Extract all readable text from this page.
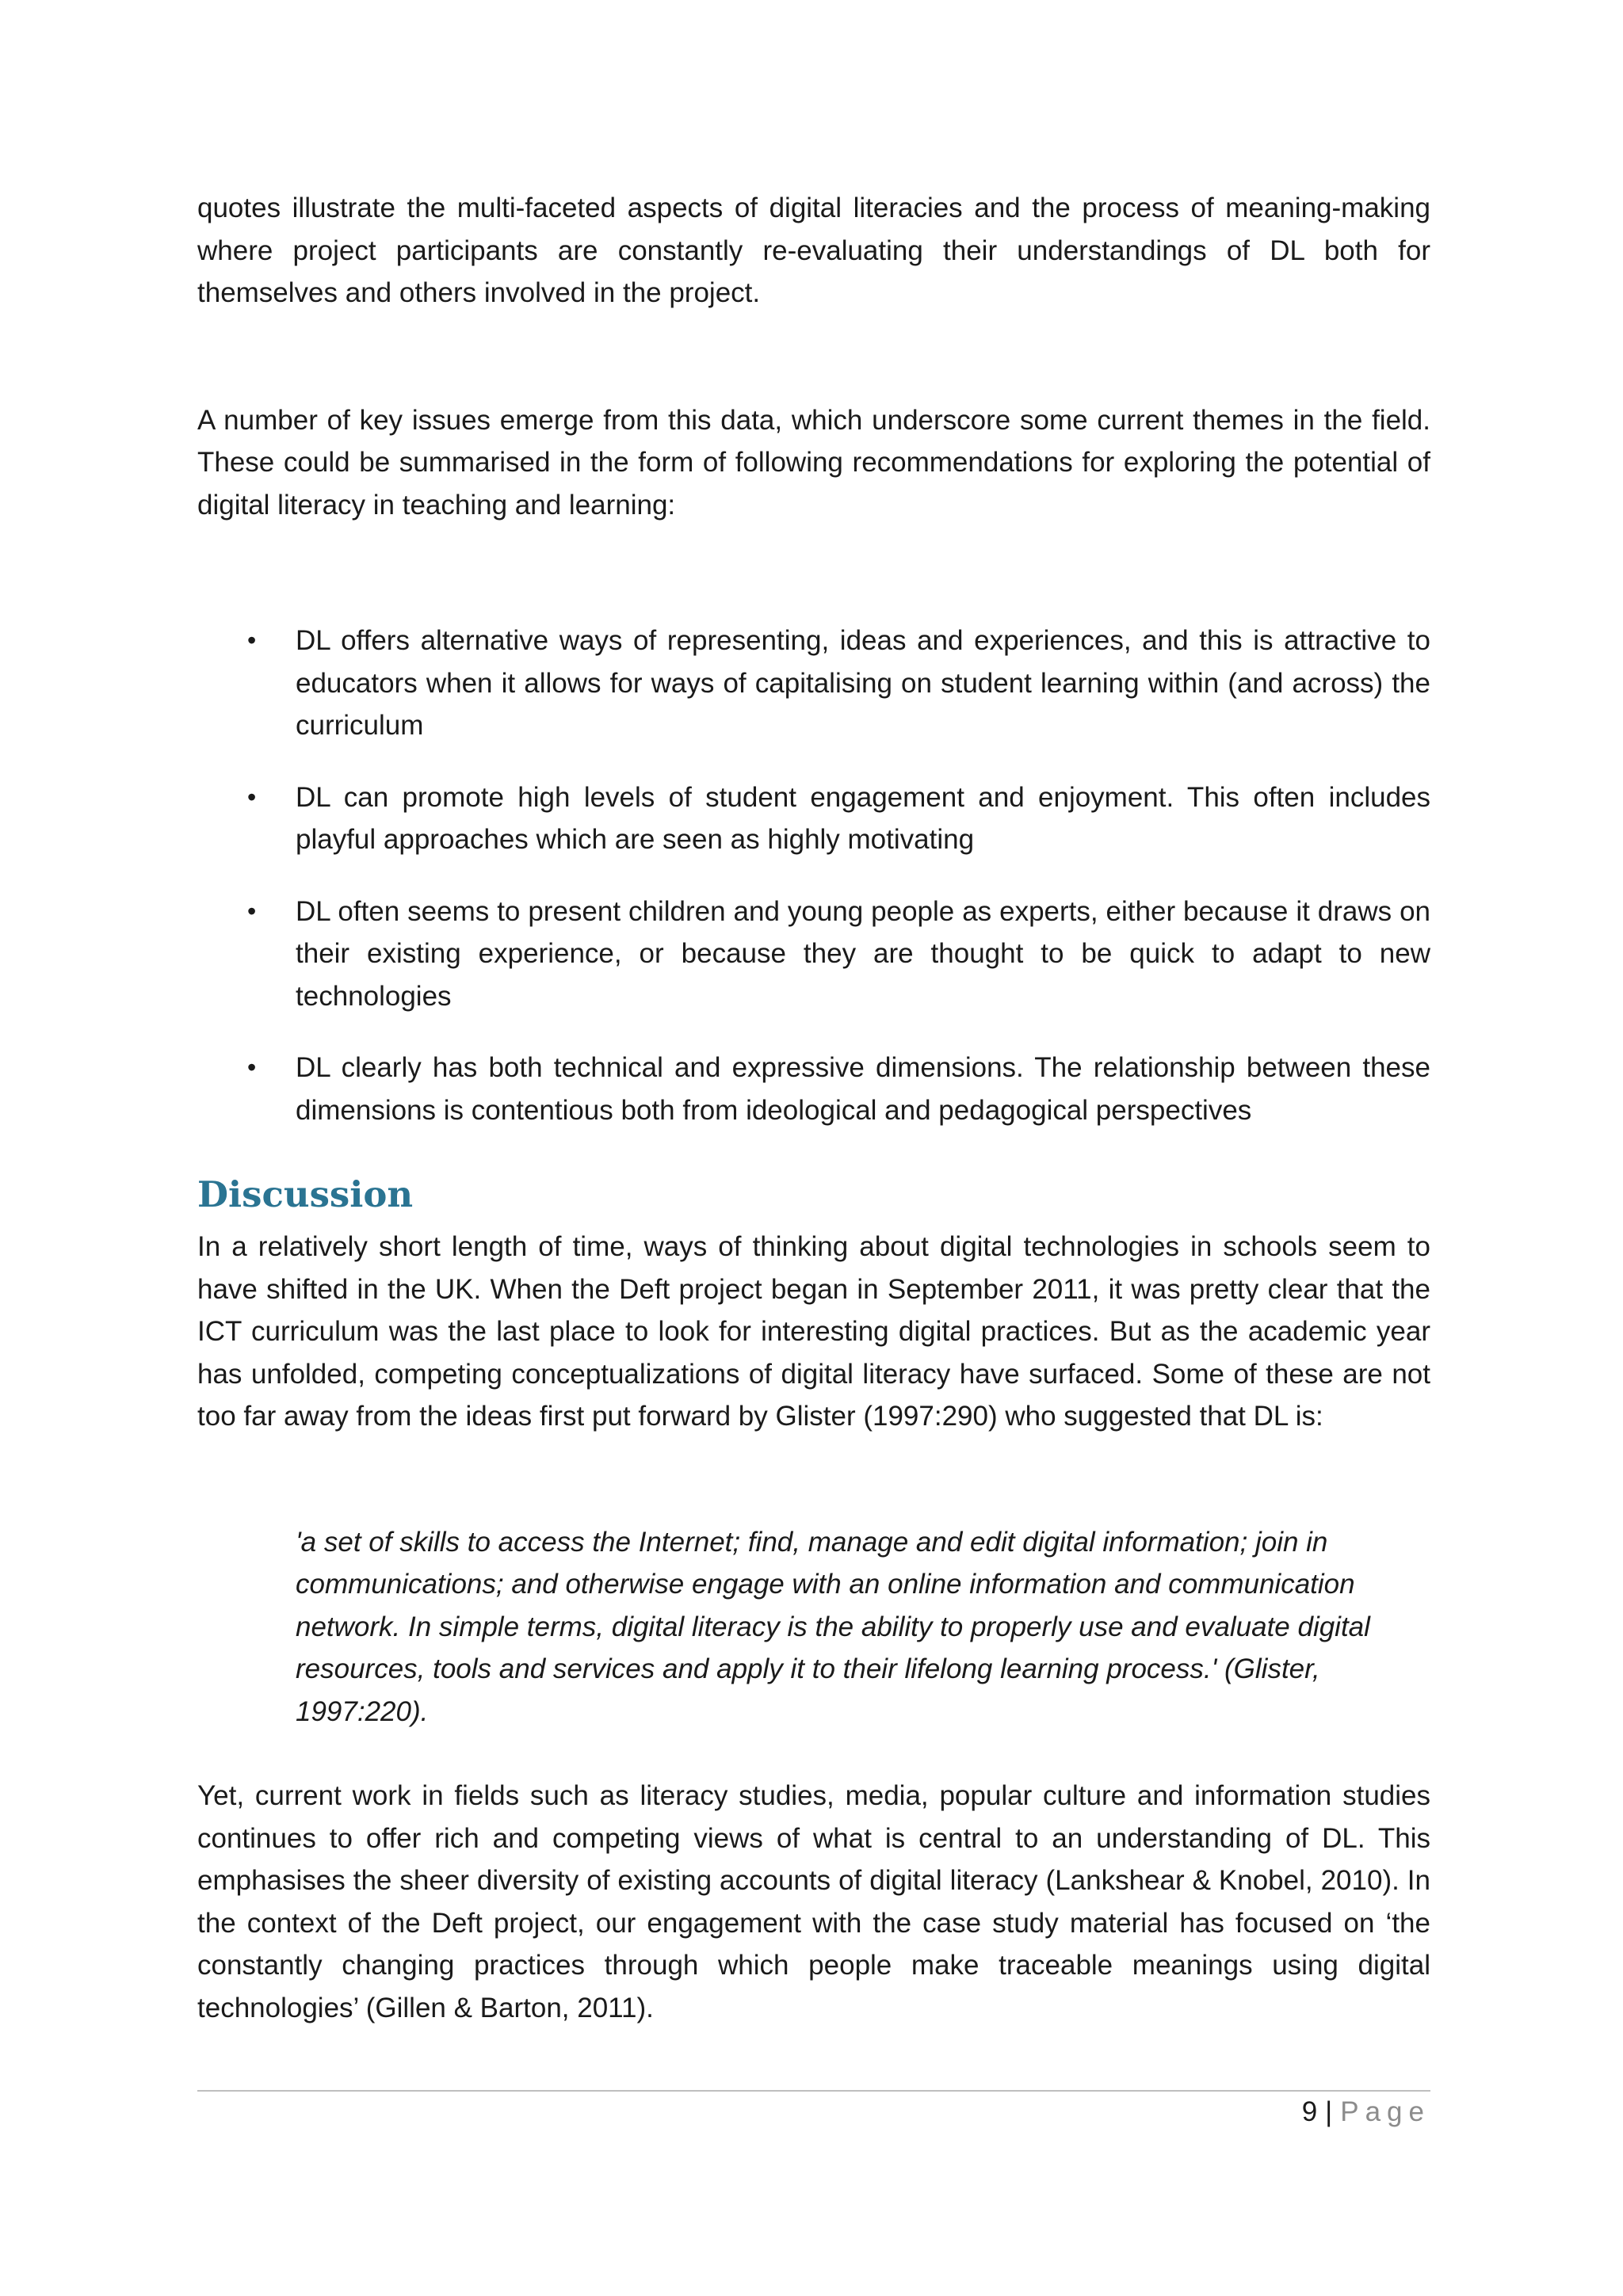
quotes illustrate the multi-faceted aspects of digital literacies and the process of meaning-making where project participants are constantly re-evaluating their understandings of DL both for themselves and others involved in the project.

A number of key issues emerge from this data, which underscore some current themes in the field. These could be summarised in the form of following recommendations for exploring the potential of digital literacy in teaching and learning:

• DL offers alternative ways of representing, ideas and experiences, and this is attractive to educators when it allows for ways of capitalising on student learning within (and across) the curriculum
• DL can promote high levels of student engagement and enjoyment. This often includes playful approaches which are seen as highly motivating
• DL often seems to present children and young people as experts, either because it draws on their existing experience, or because they are thought to be quick to adapt to new technologies
• DL clearly has both technical and expressive dimensions. The relationship between these dimensions is contentious both from ideological and pedagogical perspectives
Discussion

In a relatively short length of time, ways of thinking about digital technologies in schools seem to have shifted in the UK. When the Deft project began in September 2011, it was pretty clear that the ICT curriculum was the last place to look for interesting digital practices. But as the academic year has unfolded, competing conceptualizations of digital literacy have surfaced. Some of these are not too far away from the ideas first put forward by Glister (1997:290) who suggested that DL is:

'a set of skills to access the Internet; find, manage and edit digital information; join in communications; and otherwise engage with an online information and communication network. In simple terms, digital literacy is the ability to properly use and evaluate digital resources, tools and services and apply it to their lifelong learning process.' (Glister, 1997:220).

Yet, current work in fields such as literacy studies, media, popular culture and information studies continues to offer rich and competing views of what is central to an understanding of DL. This emphasises the sheer diversity of existing accounts of digital literacy (Lankshear & Knobel, 2010). In the context of the Deft project, our engagement with the case study material has focused on ‘the constantly changing practices through which people make traceable meanings using digital technologies’ (Gillen & Barton, 2011).

9 | Page
